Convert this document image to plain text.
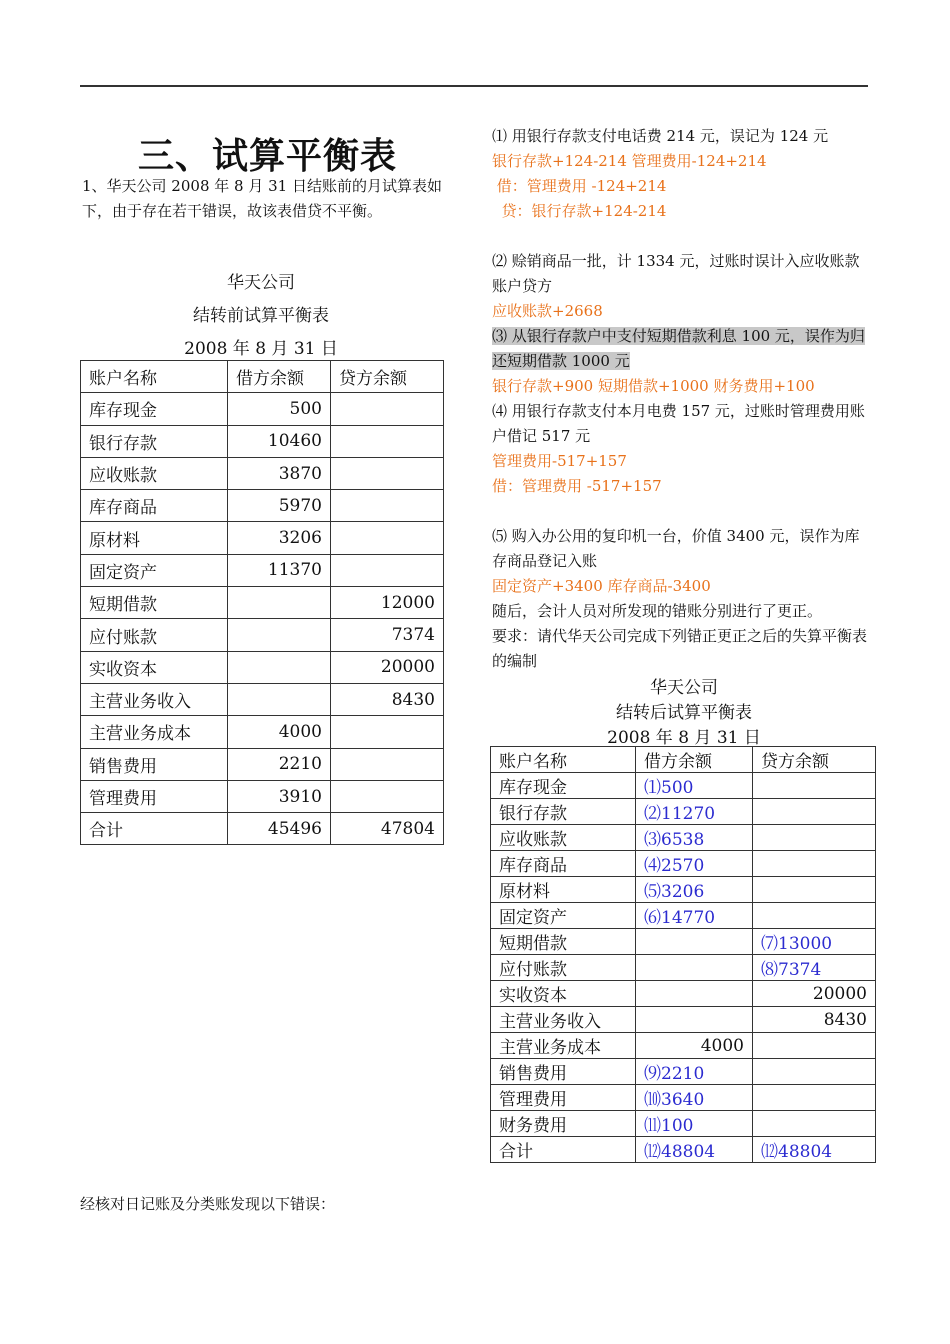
三、试算平衡表
1、华天公司 2008 年 8 月 31 日结账前的月试算表如下，由于存在若干错误，故该表借贷不平衡。
华天公司
结转前试算平衡表
2008 年 8 月 31 日
账户名称	借方余额	贷方余额
库存现金	500	
银行存款	10460	
应收账款	3870	
库存商品	5970	
原材料	3206	
固定资产	11370	
短期借款		12000
应付账款		7374
实收资本		20000
主营业务收入		8430
主营业务成本	4000	
销售费用	2210	
管理费用	3910	
合计	45496	47804

⑴ 用银行存款支付电话费 214 元，误记为 124 元

银行存款+124-214 管理费用-124+214

借：管理费用 -124+214

贷：银行存款+124-214

⑵ 赊销商品一批，计 1334 元，过账时误计入应收账款账户贷方

应收账款+2668

⑶ 从银行存款户中支付短期借款利息 100 元，误作为归还短期借款 1000 元

银行存款+900 短期借款+1000 财务费用+100

⑷ 用银行存款支付本月电费 157 元，过账时管理费用账户借记 517 元

管理费用-517+157

借：管理费用 -517+157

⑸ 购入办公用的复印机一台，价值 3400 元，误作为库存商品登记入账

固定资产+3400 库存商品-3400

随后，会计人员对所发现的错账分别进行了更正。

要求：请代华天公司完成下列错正更正之后的失算平衡表的编制

华天公司
结转后试算平衡表
2008 年 8 月 31 日
账户名称	借方余额	贷方余额
库存现金	⑴500	
银行存款	⑵11270	
应收账款	⑶6538	
库存商品	⑷2570	
原材料	⑸3206	
固定资产	⑹14770	
短期借款		⑺13000
应付账款		⑻7374
实收资本		20000
主营业务收入		8430
主营业务成本	4000	
销售费用	⑼2210	
管理费用	⑽3640	
财务费用	⑾100	
合计	⑿48804	⑿48804
经核对日记账及分类账发现以下错误：
